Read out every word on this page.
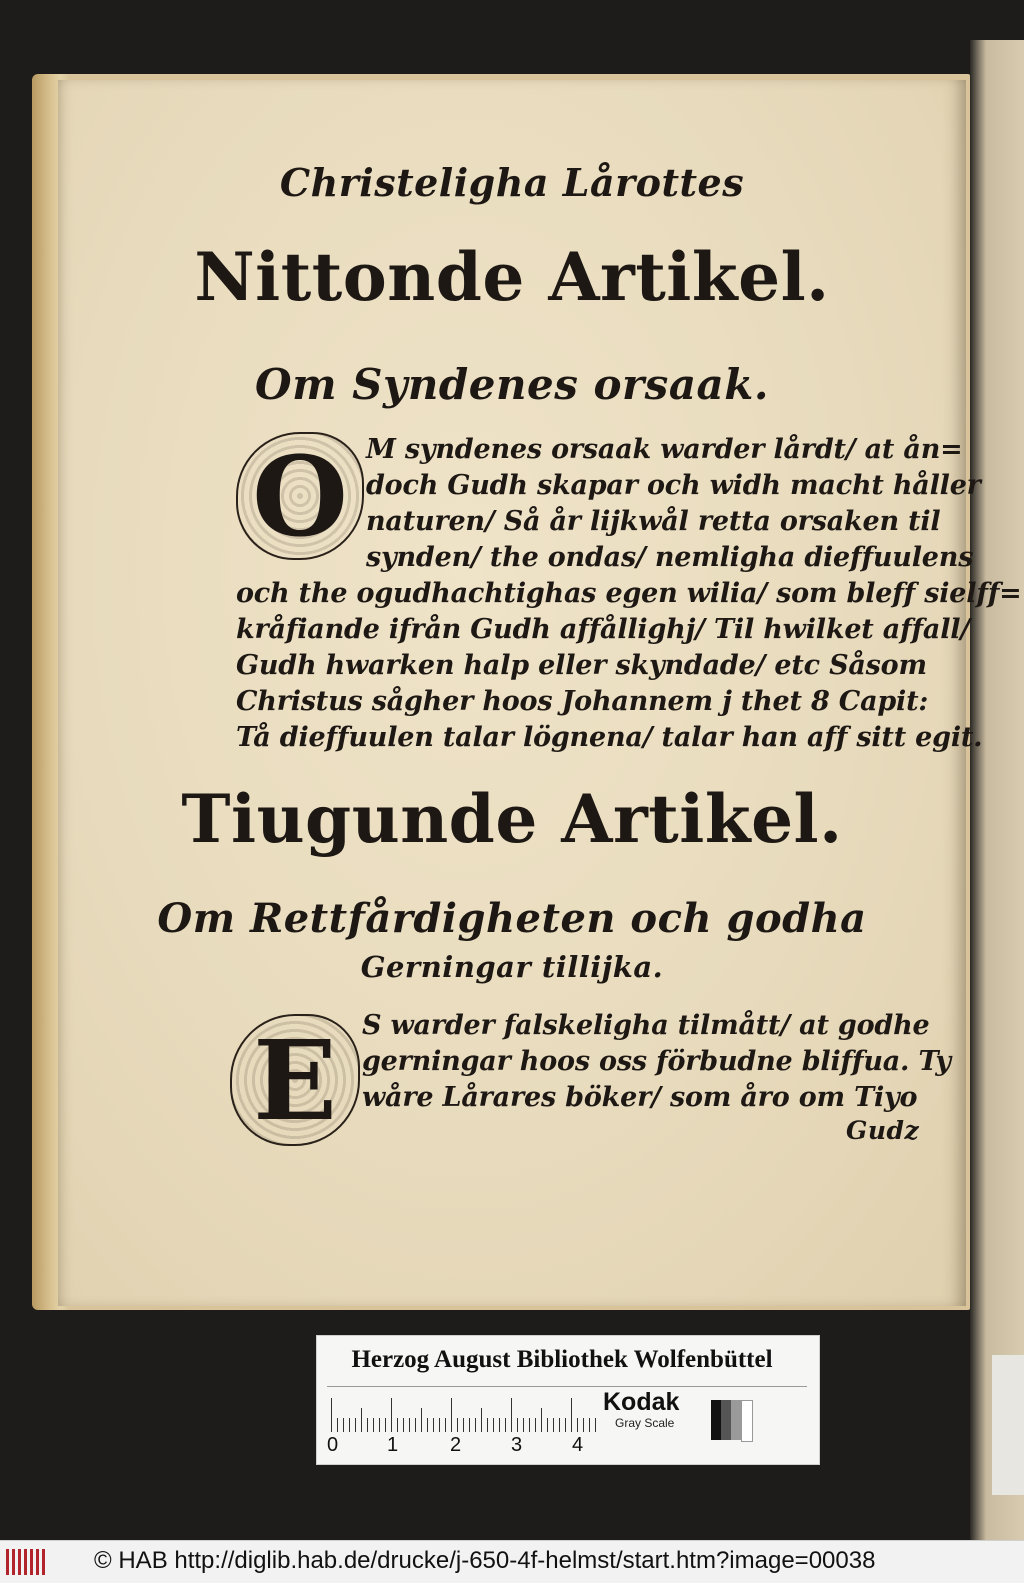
Christeligha Lårottes

Nittonde Artikel.

Om Syndenes orsaak.

O M syndenes orsaak warder lårdt/ at ån=

doch Gudh skapar och widh macht håller

naturen/ Så år lijkwål retta orsaken til

synden/ the ondas/ nemligha dieffuulens

och the ogudhachtighas egen wilia/ som bleff sielff=

kråfiande ifrån Gudh affållighj/ Til hwilket affall/

Gudh hwarken halp eller skyndade/ etc Såsom

Christus sågher hoos Johannem j thet 8 Capit:

Tå dieffuulen talar lögnena/ talar han aff sitt egit.

Tiugunde Artikel.

Om Rettfårdigheten och godha

Gerningar tillijka.

E S warder falskeligha tilmått/ at godhe

gerningar hoos oss förbudne bliffua. Ty

wåre Lårares böker/ som åro om Tiyo

Gudz

Herzog August Bibliothek Wolfenbüttel
0 1	2 3 4
Kodak
Gray Scale
© HAB http://diglib.hab.de/drucke/j-650-4f-helmst/start.htm?image=00038
